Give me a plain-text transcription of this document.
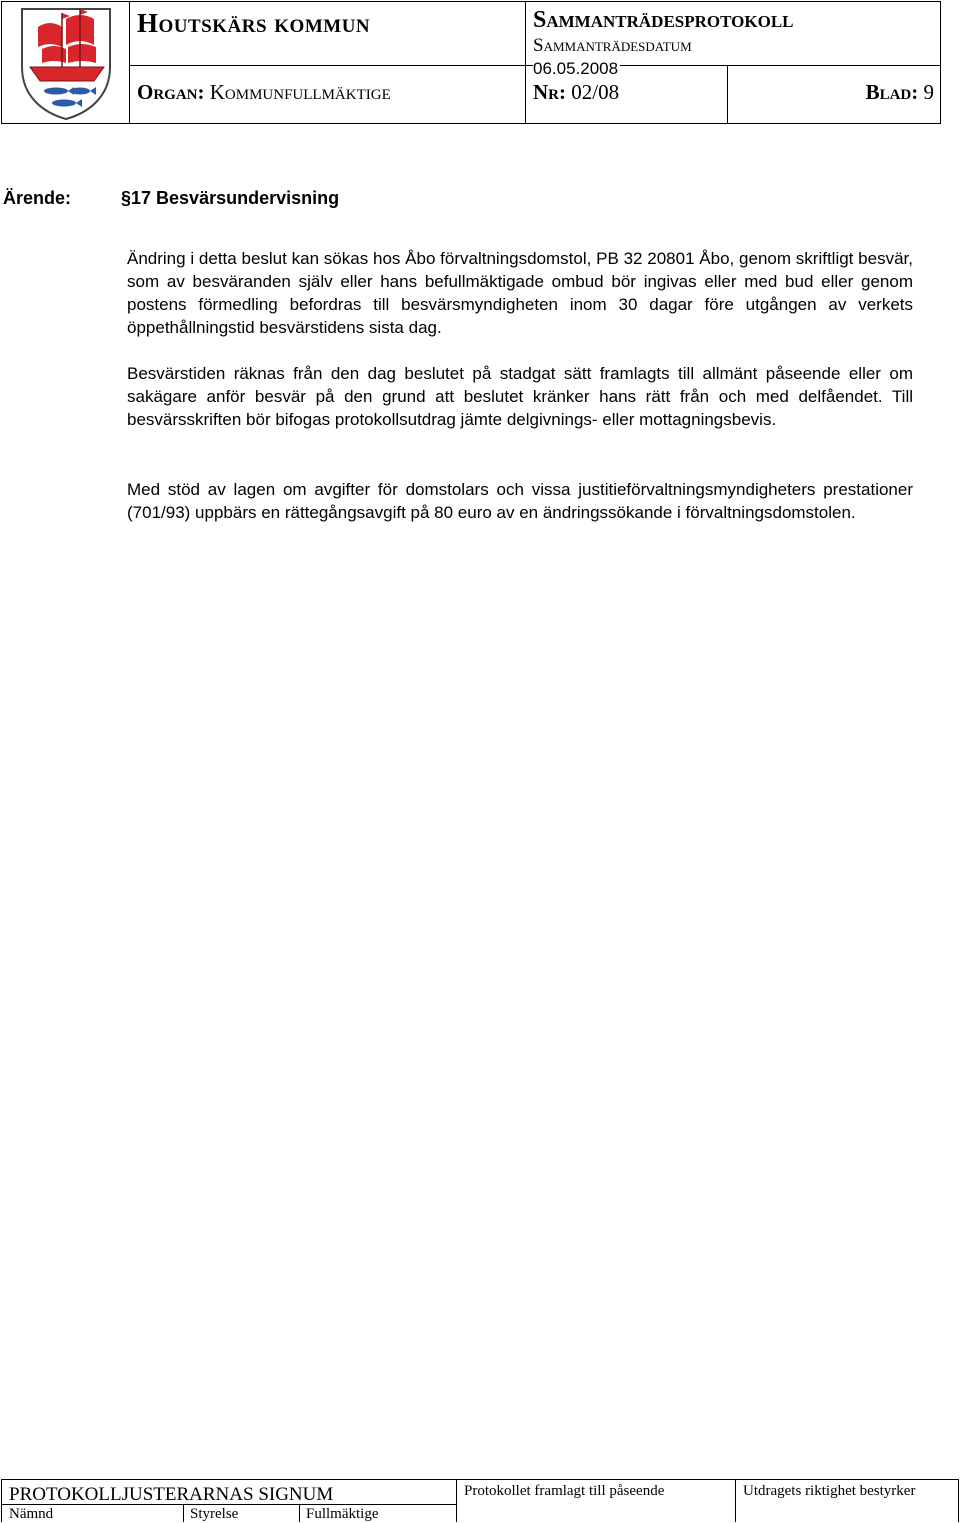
Houtskärs kommun	Sammanträdesprotokoll
Sammanträdesdatum
06.05.2008
Organ: Kommunfullmäktige	Nr: 02/08	Blad: 9
Ärende:	§17 Besvärsundervisning

Ändring i detta beslut kan sökas hos Åbo förvaltningsdomstol, PB 32 20801 Åbo, genom skriftligt besvär, som av besväranden själv eller hans befullmäktigade ombud bör ingivas eller med bud eller genom postens förmedling befordras till besvärsmyndigheten inom 30 dagar före utgången av verkets öppethållningstid besvärstidens sista dag.

Besvärstiden räknas från den dag beslutet på stadgat sätt framlagts till allmänt påseende eller om sakägare anför besvär på den grund att beslutet kränker hans rätt från och med delfåendet. Till besvärsskriften bör bifogas protokollsutdrag jämte delgivnings- eller mottagningsbevis.

Med stöd av lagen om avgifter för domstolars och vissa justitieförvaltningsmyndigheters prestationer (701/93) uppbärs en rättegångsavgift på 80 euro av en ändringssökande i förvaltningsdomstolen.

PROTOKOLLJUSTERARNAS SIGNUM
Nämnd	Styrelse	Fullmäktige
Protokollet framlagt till påseende	Utdragets riktighet bestyrker
